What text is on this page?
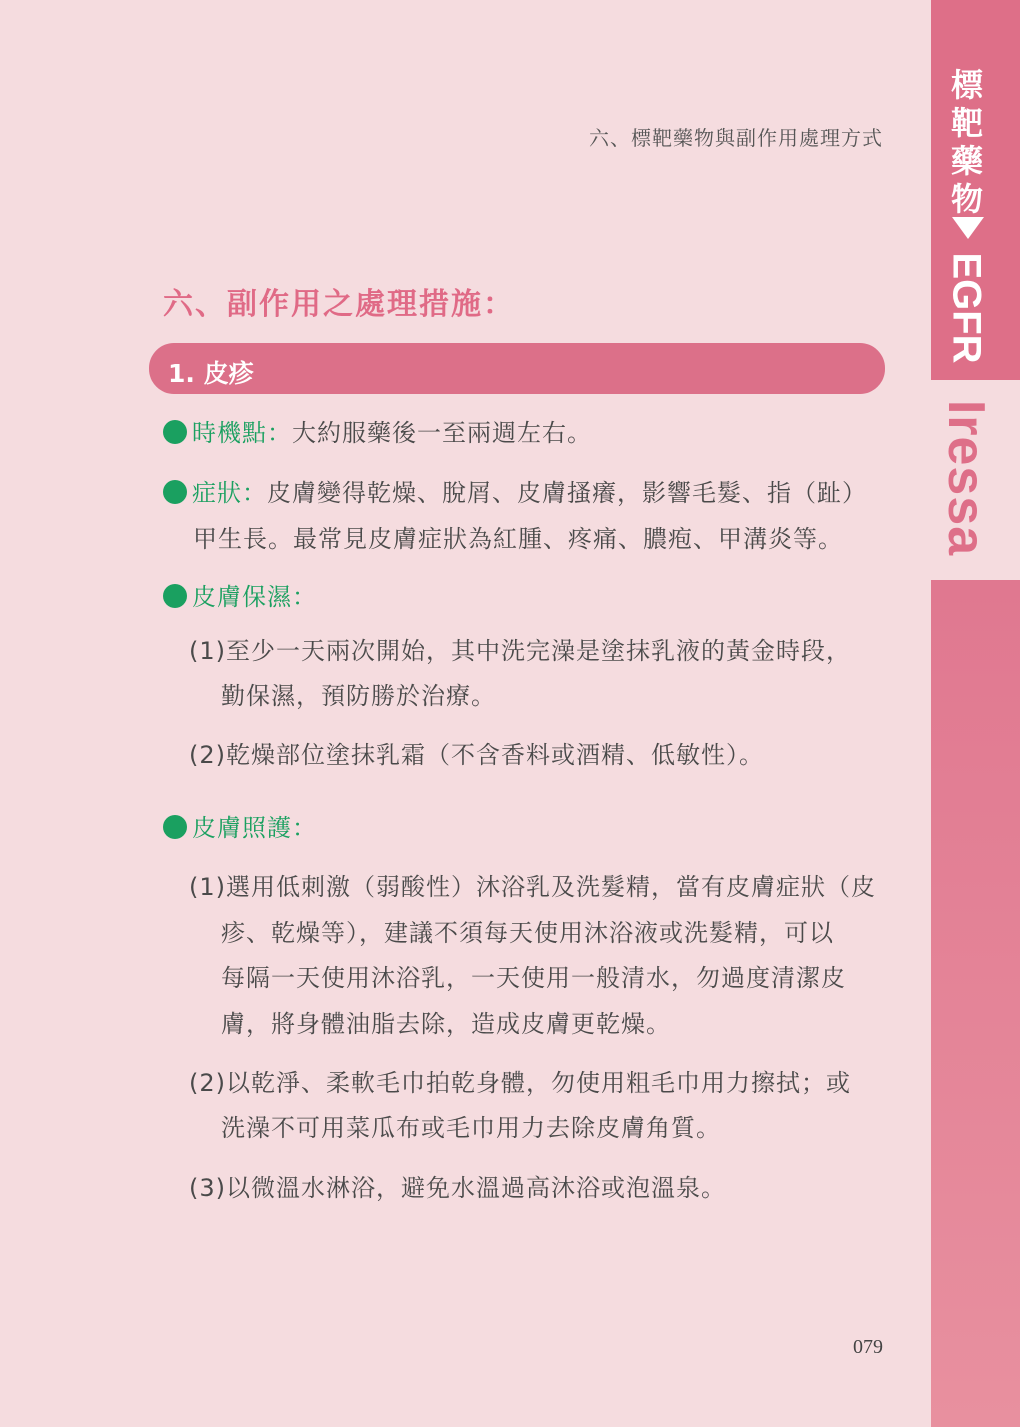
標
靶
藥
物
EGFR
Iressa
六、標靶藥物與副作用處理方式
六、副作用之處理措施：
1. 皮疹
時機點：大約服藥後一至兩週左右。
症狀：皮膚變得乾燥、脫屑、皮膚搔癢，影響毛髮、指（趾）
甲生長。最常見皮膚症狀為紅腫、疼痛、膿疱、甲溝炎等。
皮膚保濕：
(1)至少一天兩次開始，其中洗完澡是塗抹乳液的黃金時段，
勤保濕，預防勝於治療。
(2)乾燥部位塗抹乳霜（不含香料或酒精、低敏性）。
皮膚照護：
(1)選用低刺激（弱酸性）沐浴乳及洗髮精，當有皮膚症狀（皮
疹、乾燥等），建議不須每天使用沐浴液或洗髮精，可以
每隔一天使用沐浴乳，一天使用一般清水，勿過度清潔皮
膚，將身體油脂去除，造成皮膚更乾燥。
(2)以乾淨、柔軟毛巾拍乾身體，勿使用粗毛巾用力擦拭；或
洗澡不可用菜瓜布或毛巾用力去除皮膚角質。
(3)以微溫水淋浴，避免水溫過高沐浴或泡溫泉。
079
